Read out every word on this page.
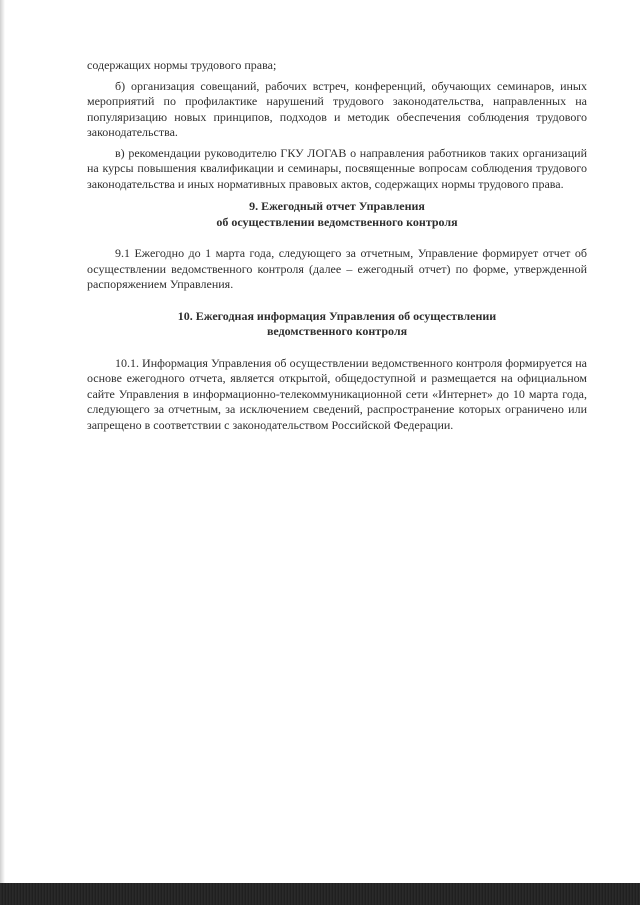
содержащих нормы трудового права;

б) организация совещаний, рабочих встреч, конференций, обучающих семинаров, иных мероприятий по профилактике нарушений трудового законодательства, направленных на популяризацию новых принципов, подходов и методик обеспечения соблюдения трудового законодательства.

в) рекомендации руководителю ГКУ ЛОГАВ о направления работников таких организаций на курсы повышения квалификации и семинары, посвященные вопросам соблюдения трудового законодательства и иных нормативных правовых актов, содержащих нормы трудового права.

9. Ежегодный отчет Управления
об осуществлении ведомственного контроля

9.1 Ежегодно до 1 марта года, следующего за отчетным, Управление формирует отчет об осуществлении ведомственного контроля (далее – ежегодный отчет) по форме, утвержденной распоряжением Управления.

10. Ежегодная информация Управления об осуществлении
ведомственного контроля

10.1. Информация Управления об осуществлении ведомственного контроля формируется на основе ежегодного отчета, является открытой, общедоступной и размещается на официальном сайте Управления в информационно-телекоммуникационной сети «Интернет» до 10 марта года, следующего за отчетным, за исключением сведений, распространение которых ограничено или запрещено в соответствии с законодательством Российской Федерации.
